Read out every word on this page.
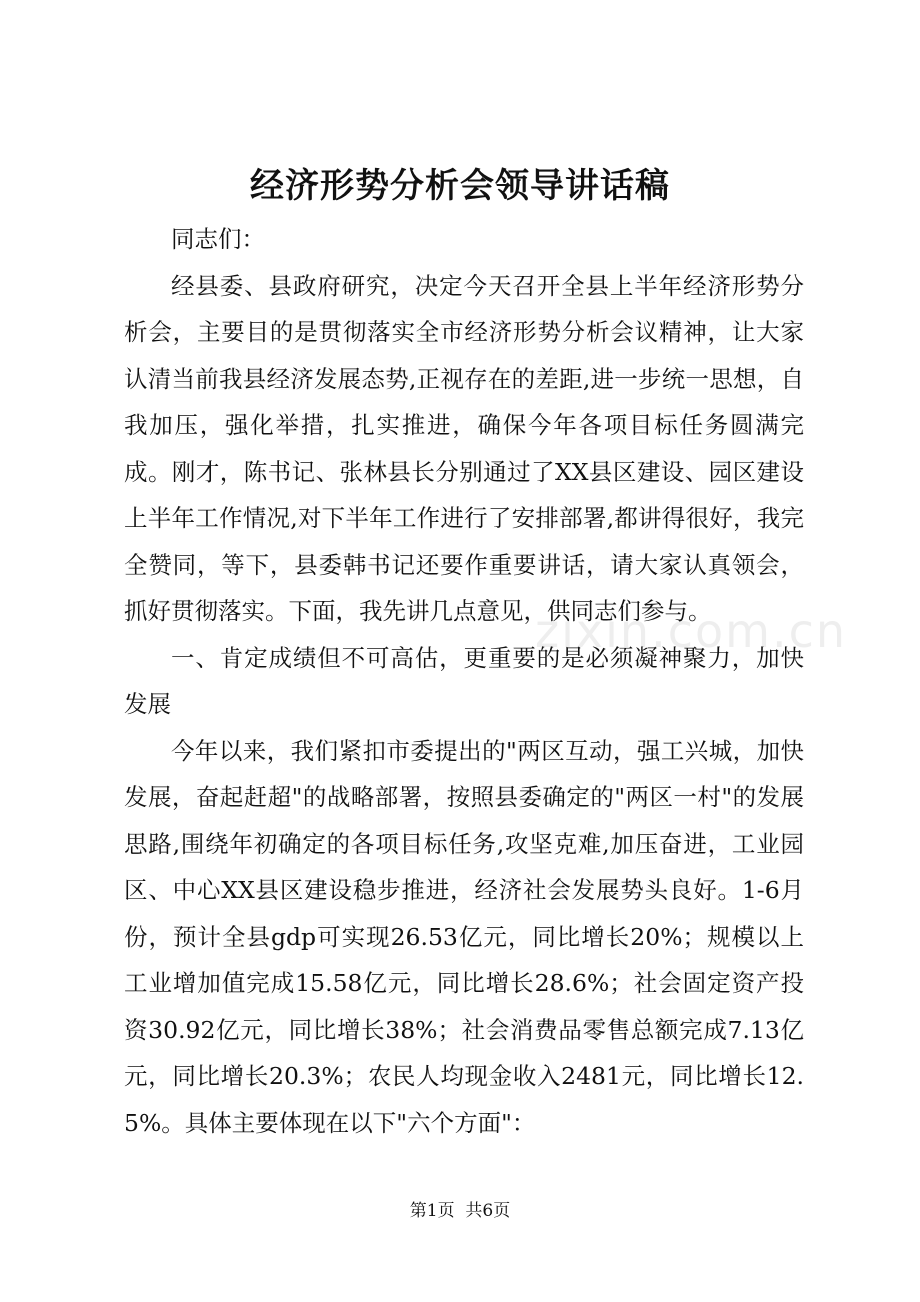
经济形势分析会领导讲话稿

同志们：

经县委、县政府研究，决定今天召开全县上半年经济形势分析会，主要目的是贯彻落实全市经济形势分析会议精神，让大家认清当前我县经济发展态势,正视存在的差距,进一步统一思想，自我加压，强化举措，扎实推进，确保今年各项目标任务圆满完成。刚才，陈书记、张林县长分别通过了XX县区建设、园区建设上半年工作情况,对下半年工作进行了安排部署,都讲得很好，我完全赞同，等下，县委韩书记还要作重要讲话，请大家认真领会，抓好贯彻落实。下面，我先讲几点意见，供同志们参与。

一、肯定成绩但不可高估，更重要的是必须凝神聚力，加快发展

今年以来，我们紧扣市委提出的"两区互动，强工兴城，加快发展，奋起赶超"的战略部署，按照县委确定的"两区一村"的发展思路,围绕年初确定的各项目标任务,攻坚克难,加压奋进，工业园区、中心XX县区建设稳步推进，经济社会发展势头良好。1-6月份，预计全县gdp可实现26.53亿元，同比增长20%；规模以上工业增加值完成15.58亿元，同比增长28.6%；社会固定资产投资30.92亿元，同比增长38%；社会消费品零售总额完成7.13亿元，同比增长20.3%；农民人均现金收入2481元，同比增长12.5%。具体主要体现在以下"六个方面"：

zixin.com.cn
第1页 共6页
